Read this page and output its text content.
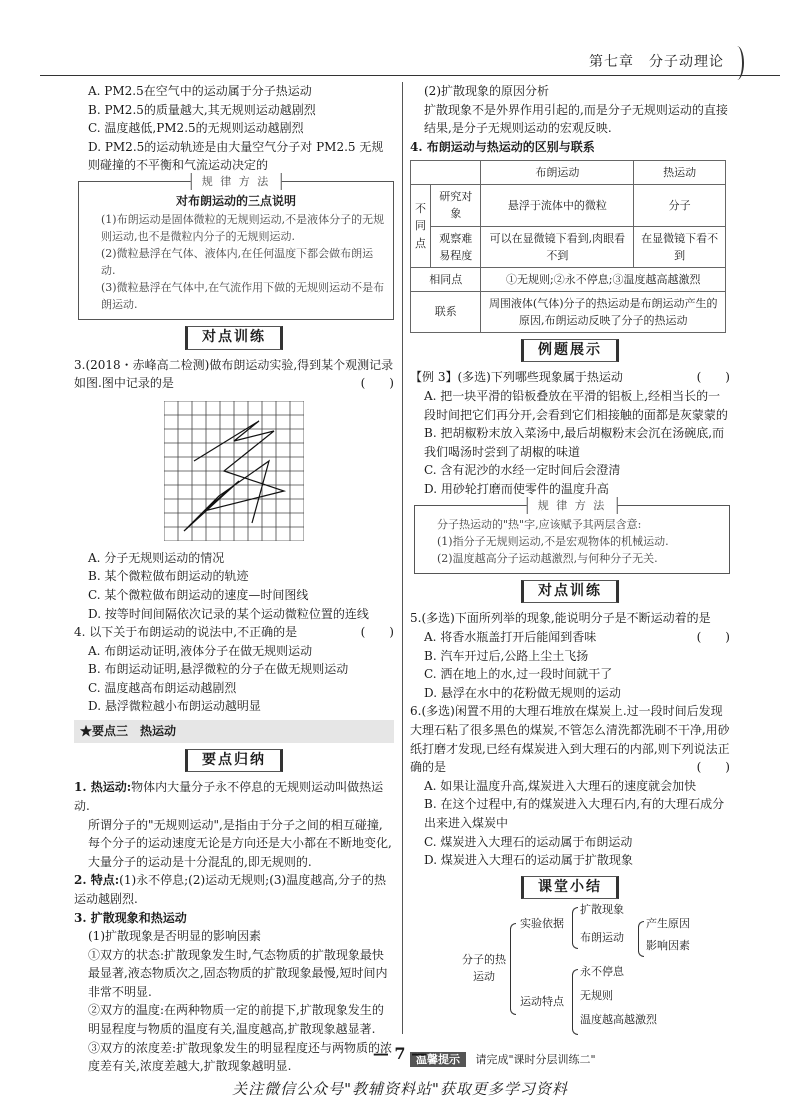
第七章　分子动理论

A. PM2.5在空气中的运动属于分子热运动

B. PM2.5的质量越大,其无规则运动越剧烈

C. 温度越低,PM2.5的无规则运动越剧烈

D. PM2.5的运动轨迹是由大量空气分子对 PM2.5 无规则碰撞的不平衡和气流运动决定的

规 律 方 法

对布朗运动的三点说明

(1)布朗运动是固体微粒的无规则运动,不是液体分子的无规则运动,也不是微粒内分子的无规则运动.

(2)微粒悬浮在气体、液体内,在任何温度下都会做布朗运动.

(3)微粒悬浮在气体中,在气流作用下做的无规则运动不是布朗运动.

对点训练

3.(2018・赤峰高二检测)做布朗运动实验,得到某个观测记录如图.图中记录的是	(　　)

A. 分子无规则运动的情况

B. 某个微粒做布朗运动的轨迹

C. 某个微粒做布朗运动的速度—时间图线

D. 按等时间间隔依次记录的某个运动微粒位置的连线

4. 以下关于布朗运动的说法中,不正确的是	(　　)

A. 布朗运动证明,液体分子在做无规则运动

B. 布朗运动证明,悬浮微粒的分子在做无规则运动

C. 温度越高布朗运动越剧烈

D. 悬浮微粒越小布朗运动越明显

★要点三　热运动
要点归纳

1. 热运动:物体内大量分子永不停息的无规则运动叫做热运动.

所谓分子的"无规则运动",是指由于分子之间的相互碰撞,每个分子的运动速度无论是方向还是大小都在不断地变化,大量分子的运动是十分混乱的,即无规则的.

2. 特点:(1)永不停息;(2)运动无规则;(3)温度越高,分子的热运动越剧烈.

3. 扩散现象和热运动

(1)扩散现象是否明显的影响因素

①双方的状态:扩散现象发生时,气态物质的扩散现象最快最显著,液态物质次之,固态物质的扩散现象最慢,短时间内非常不明显.

②双方的温度:在两种物质一定的前提下,扩散现象发生的明显程度与物质的温度有关,温度越高,扩散现象越显著.

③双方的浓度差:扩散现象发生的明显程度还与两物质的浓度差有关,浓度差越大,扩散现象越明显.

(2)扩散现象的原因分析

扩散现象不是外界作用引起的,而是分子无规则运动的直接结果,是分子无规则运动的宏观反映.

4. 布朗运动与热运动的区别与联系

		布朗运动	热运动
不同点	研究对象	悬浮于流体中的微粒	分子
	观察难易程度	可以在显微镜下看到,肉眼看不到	在显微镜下看不到
相同点		①无规则;②永不停息;③温度越高越激烈	
联系		周围液体(气体)分子的热运动是布朗运动产生的原因,布朗运动反映了分子的热运动	
例题展示

【例 3】(多选)下列哪些现象属于热运动	(　　)

A. 把一块平滑的铅板叠放在平滑的铝板上,经相当长的一段时间把它们再分开,会看到它们相接触的面都是灰蒙蒙的

B. 把胡椒粉末放入菜汤中,最后胡椒粉末会沉在汤碗底,而我们喝汤时尝到了胡椒的味道

C. 含有泥沙的水经一定时间后会澄清

D. 用砂轮打磨而使零件的温度升高

规 律 方 法

分子热运动的"热"字,应该赋予其两层含意:

(1)指分子无规则运动,不是宏观物体的机械运动.

(2)温度越高分子运动越激烈,与何种分子无关.

对点训练

5.(多选)下面所列举的现象,能说明分子是不断运动着的是
(　　)

A. 将香水瓶盖打开后能闻到香味

B. 汽车开过后,公路上尘土飞扬

C. 洒在地上的水,过一段时间就干了

D. 悬浮在水中的花粉做无规则的运动

6.(多选)闲置不用的大理石堆放在煤炭上.过一段时间后发现大理石粘了很多黑色的煤炭,不管怎么清洗都洗刷不干净,用砂纸打磨才发现,已经有煤炭进入到大理石的内部,则下列说法正确的是	(　　)

A. 如果让温度升高,煤炭进入大理石的速度就会加快

B. 在这个过程中,有的煤炭进入大理石内,有的大理石成分出来进入煤炭中

C. 煤炭进入大理石的运动属于布朗运动

D. 煤炭进入大理石的运动属于扩散现象

课堂小结
分子的热运动
实验依据
扩散现象
布朗运动
产生原因
影响因素
运动特点
永不停息
无规则
温度越高越激烈
温馨提示 请完成"课时分层训练二"
— 7 —
关注微信公众号"教辅资料站"获取更多学习资料
